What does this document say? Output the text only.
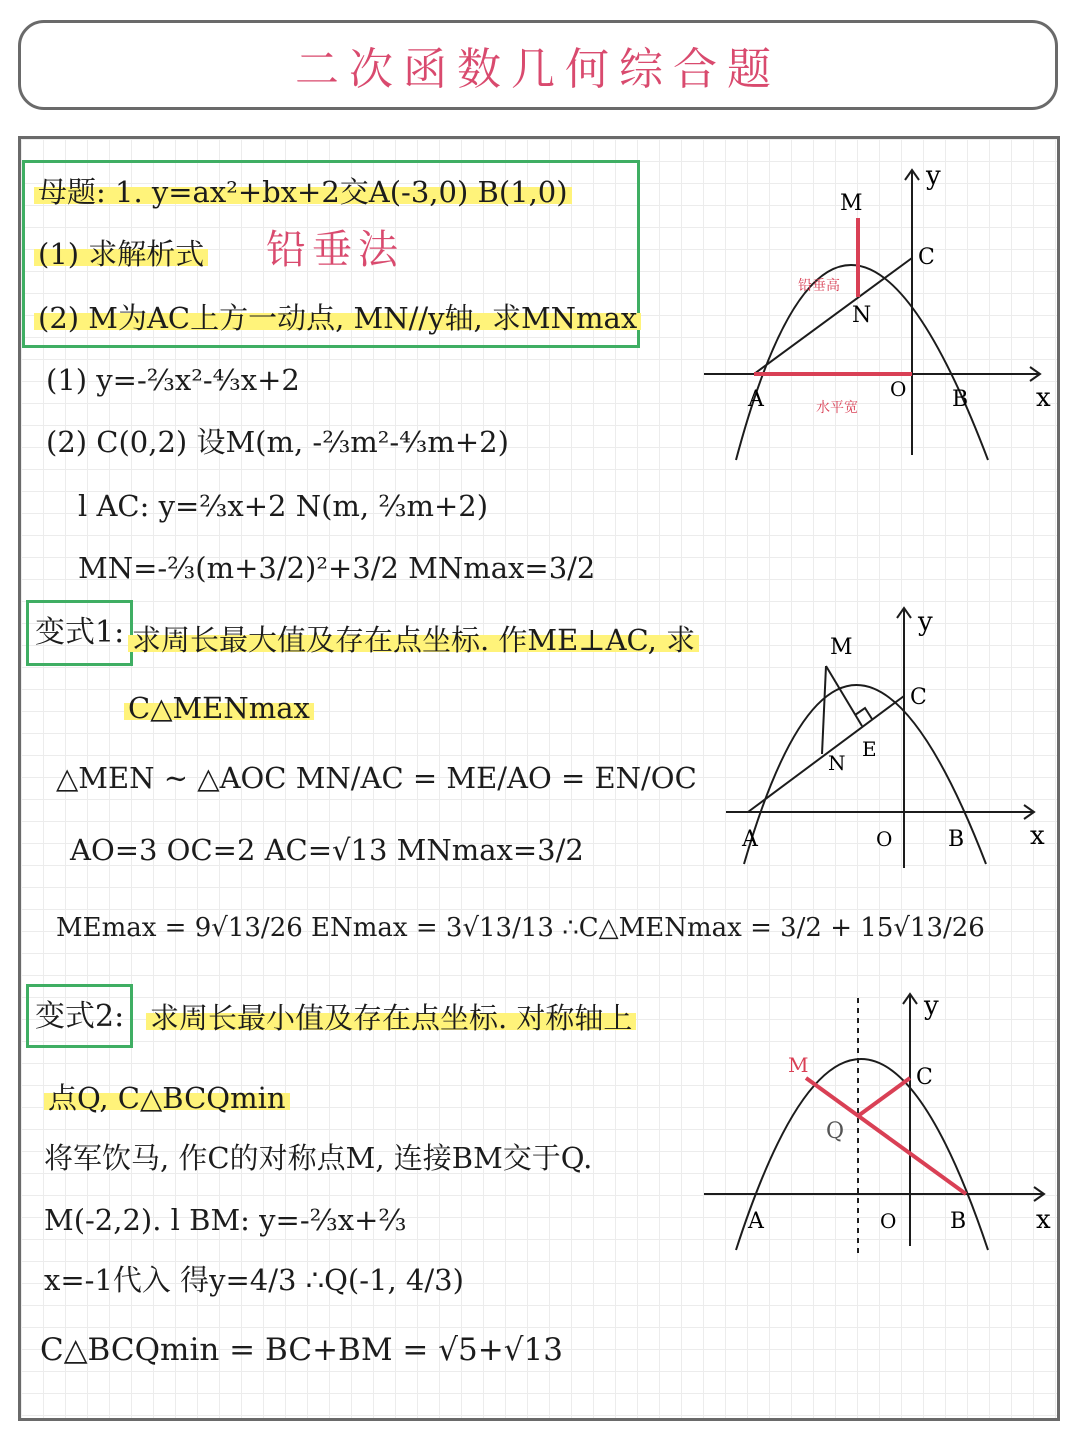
二次函数几何综合题
母题: 1. y=ax²+bx+2交A(-3,0) B(1,0)
(1) 求解析式 铅垂法
(2) M为AC上方一动点, MN//y轴, 求MNmax
(1) y=-⅔x²-⁴⁄₃x+2
(2) C(0,2) 设M(m, -⅔m²-⁴⁄₃m+2)
l AC: y=⅔x+2 N(m, ⅔m+2)
MN=-⅔(m+3/2)²+3/2 MNmax=3/2
变式1: 求周长最大值及存在点坐标. 作ME⊥AC, 求
C△MENmax
△MEN ∼ △AOC MN/AC = ME/AO = EN/OC
AO=3 OC=2 AC=√13 MNmax=3/2
MEmax = 9√13/26 ENmax = 3√13/13 ∴C△MENmax = 3/2 + 15√13/26
变式2: 求周长最小值及存在点坐标. 对称轴上
点Q, C△BCQmin
将军饮马, 作C的对称点M, 连接BM交于Q.
M(-2,2). l BM: y=-⅔x+⅔
x=-1代入 得y=4/3 ∴Q(-1, 4/3)
C△BCQmin = BC+BM = √5+√13
y
x
M
C
N
A	O B
铅垂高
水平宽
y
x
M
C
N
E
A	O	B
y
x
M	C
Q
A	O B
